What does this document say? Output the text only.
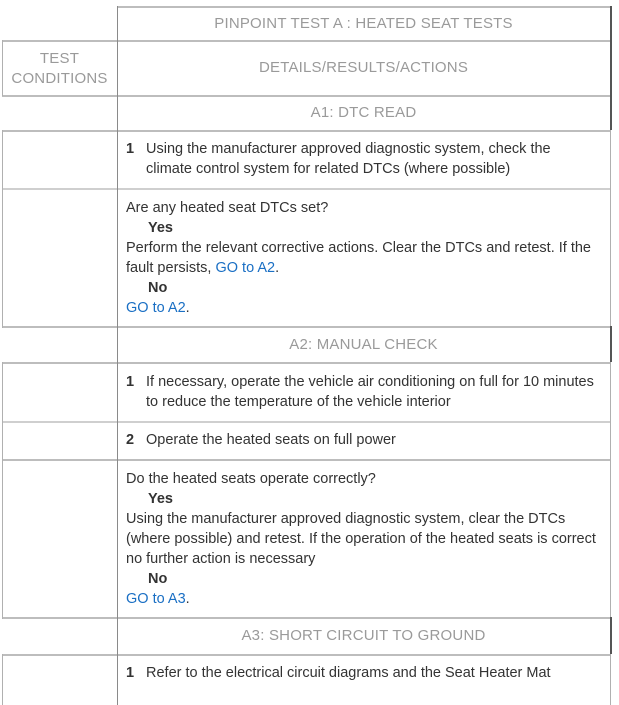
PINPOINT TEST A : HEATED SEAT TESTS
TEST
CONDITIONS
DETAILS/RESULTS/ACTIONS
A1: DTC READ
1 Using the manufacturer approved diagnostic system, check the
climate control system for related DTCs (where possible)
Are any heated seat DTCs set?
Yes
Perform the relevant corrective actions. Clear the DTCs and retest. If the
fault persists, GO to A2.
No
GO to A2.
A2: MANUAL CHECK
1 If necessary, operate the vehicle air conditioning on full for 10 minutes
to reduce the temperature of the vehicle interior
2 Operate the heated seats on full power
Do the heated seats operate correctly?
Yes
Using the manufacturer approved diagnostic system, clear the DTCs
(where possible) and retest. If the operation of the heated seats is correct
no further action is necessary
No
GO to A3.
A3: SHORT CIRCUIT TO GROUND
1 Refer to the electrical circuit diagrams and the Seat Heater Mat
